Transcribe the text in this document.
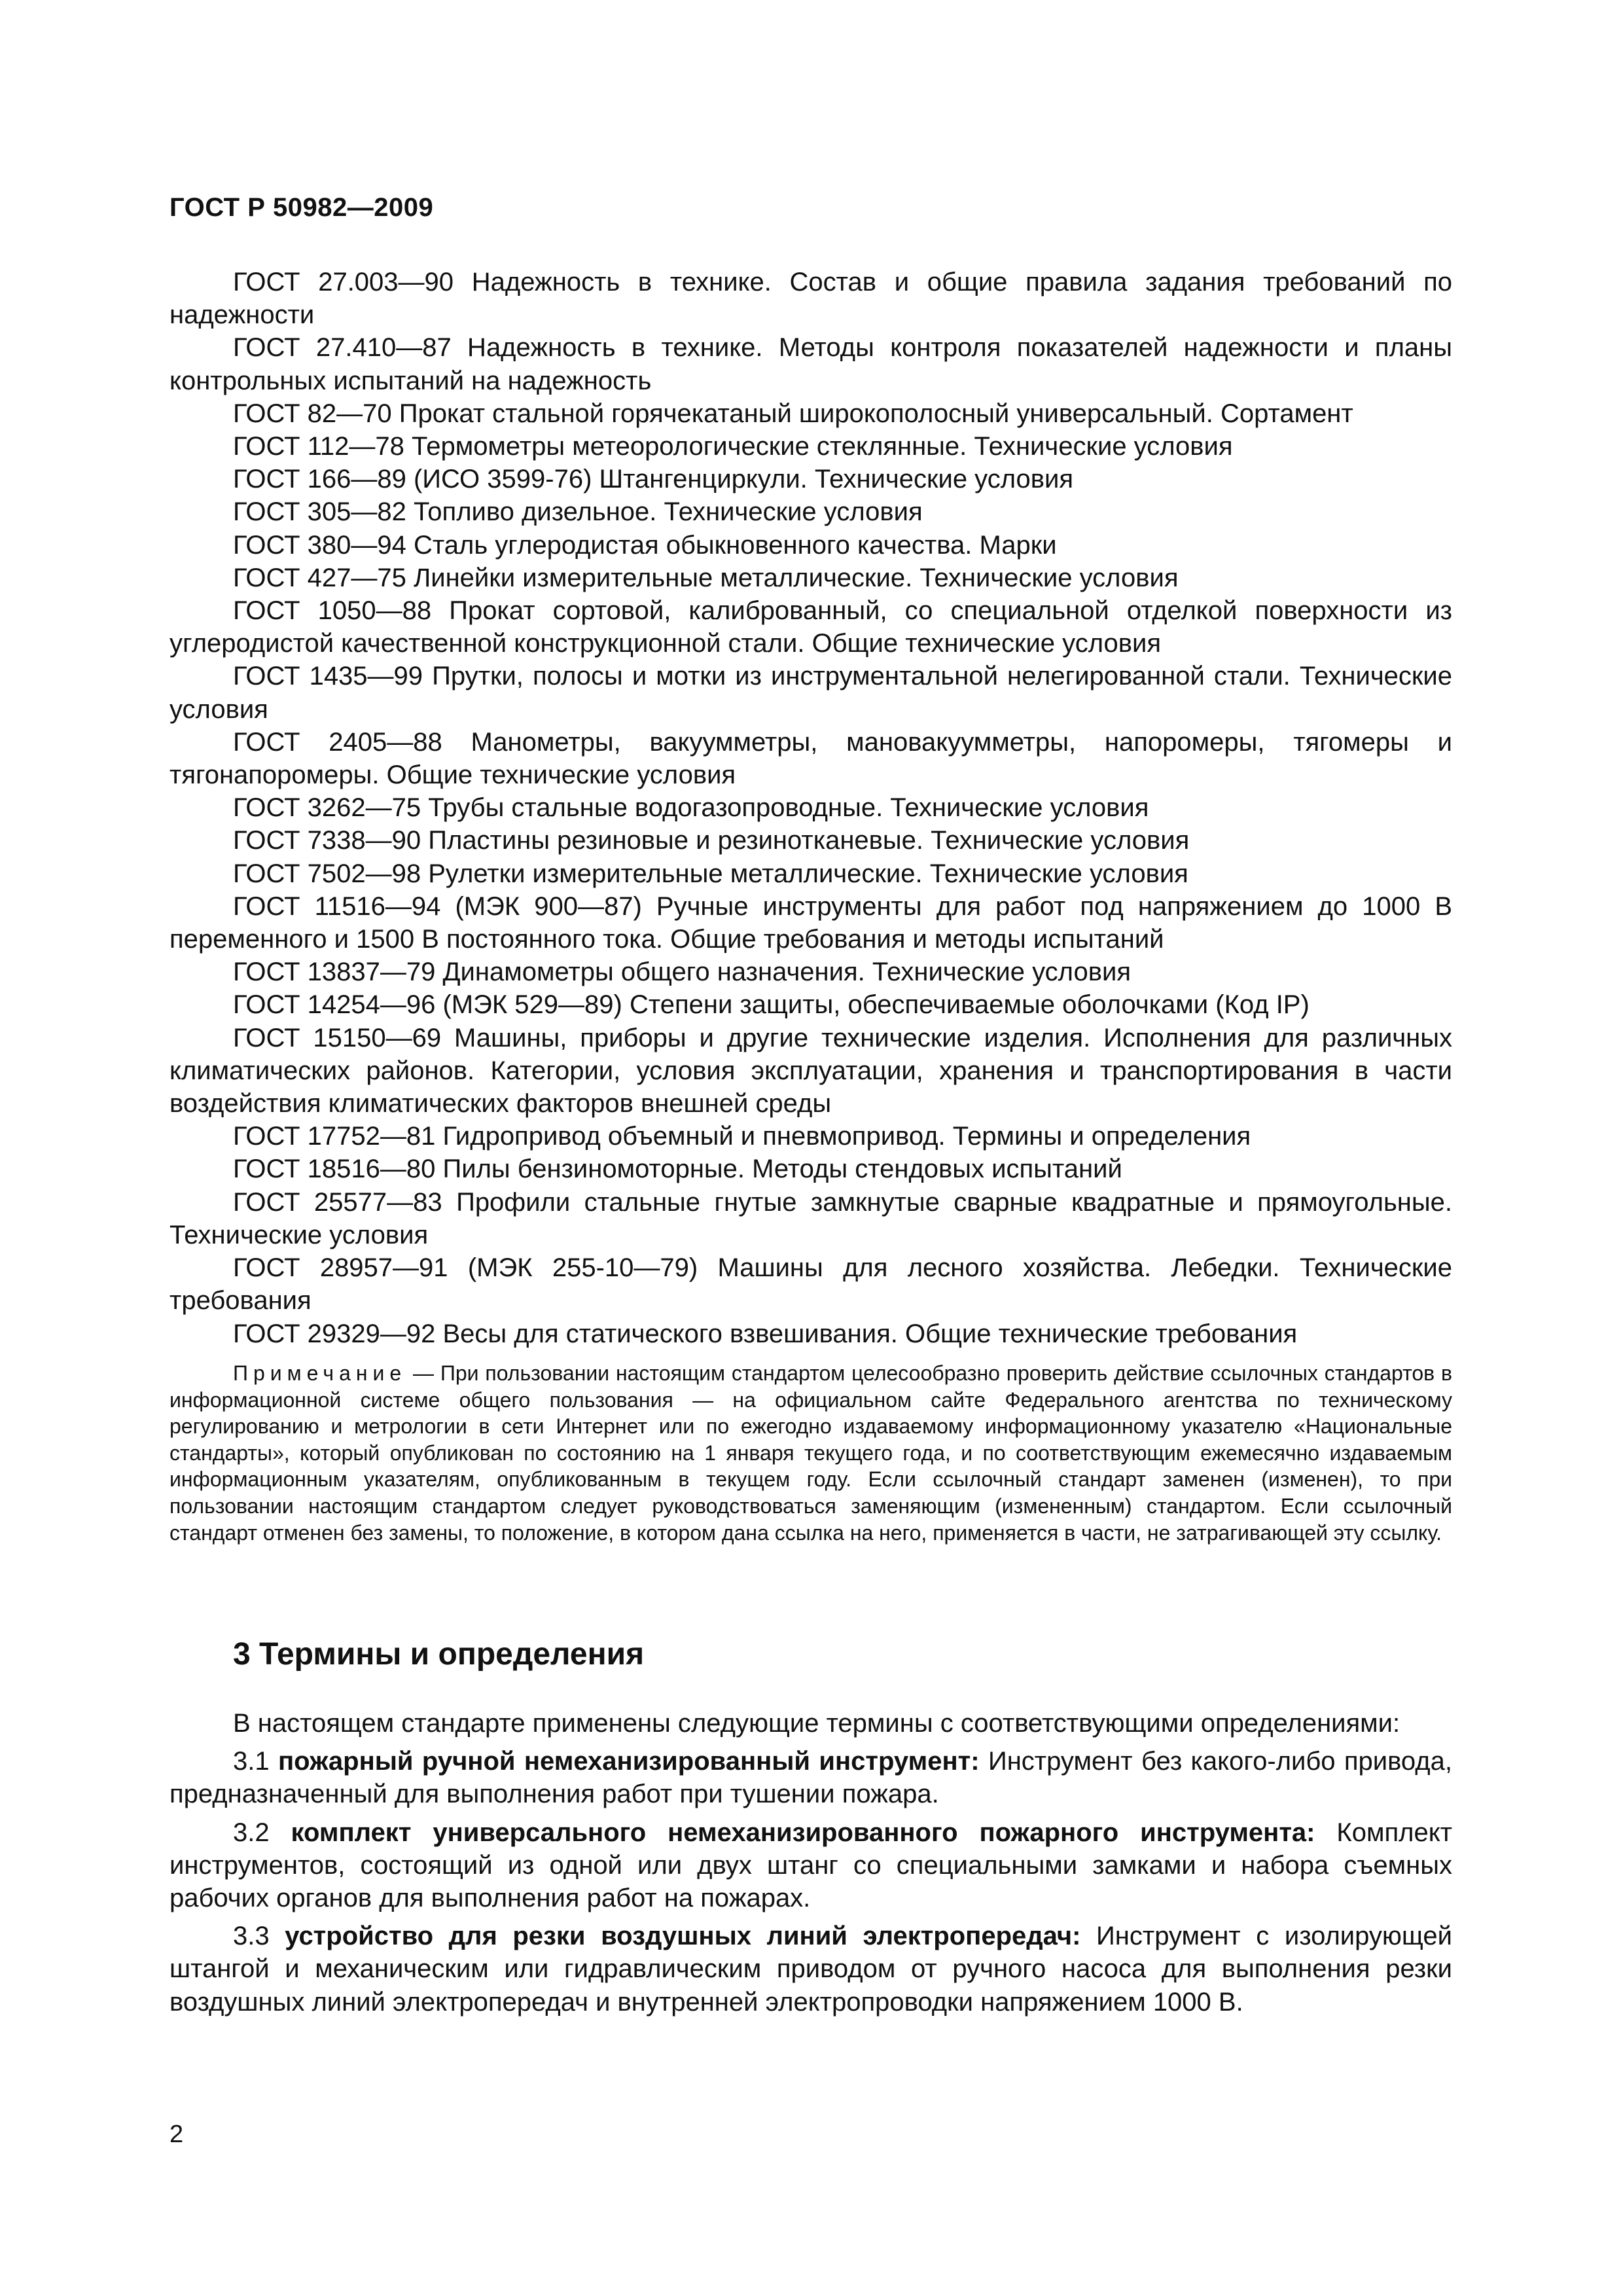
ГОСТ Р 50982—2009
ГОСТ 27.003—90 Надежность в технике. Состав и общие правила задания требований по надежности
ГОСТ 27.410—87 Надежность в технике. Методы контроля показателей надежности и планы контрольных испытаний на надежность
ГОСТ 82—70 Прокат стальной горячекатаный широкополосный универсальный. Сортамент
ГОСТ 112—78 Термометры метеорологические стеклянные. Технические условия
ГОСТ 166—89 (ИСО 3599-76) Штангенциркули. Технические условия
ГОСТ 305—82 Топливо дизельное. Технические условия
ГОСТ 380—94 Сталь углеродистая обыкновенного качества. Марки
ГОСТ 427—75 Линейки измерительные металлические. Технические условия
ГОСТ 1050—88 Прокат сортовой, калиброванный, со специальной отделкой поверхности из углеродистой качественной конструкционной стали. Общие технические условия
ГОСТ 1435—99 Прутки, полосы и мотки из инструментальной нелегированной стали. Технические условия
ГОСТ 2405—88 Манометры, вакуумметры, мановакуумметры, напоромеры, тягомеры и тягонапоромеры. Общие технические условия
ГОСТ 3262—75 Трубы стальные водогазопроводные. Технические условия
ГОСТ 7338—90 Пластины резиновые и резинотканевые. Технические условия
ГОСТ 7502—98 Рулетки измерительные металлические. Технические условия
ГОСТ 11516—94 (МЭК 900—87) Ручные инструменты для работ под напряжением до 1000 В переменного и 1500 В постоянного тока. Общие требования и методы испытаний
ГОСТ 13837—79 Динамометры общего назначения. Технические условия
ГОСТ 14254—96 (МЭК 529—89) Степени защиты, обеспечиваемые оболочками (Код IP)
ГОСТ 15150—69 Машины, приборы и другие технические изделия. Исполнения для различных климатических районов. Категории, условия эксплуатации, хранения и транспортирования в части воздействия климатических факторов внешней среды
ГОСТ 17752—81 Гидропривод объемный и пневмопривод. Термины и определения
ГОСТ 18516—80 Пилы бензиномоторные. Методы стендовых испытаний
ГОСТ 25577—83 Профили стальные гнутые замкнутые сварные квадратные и прямоугольные. Технические условия
ГОСТ 28957—91 (МЭК 255-10—79) Машины для лесного хозяйства. Лебедки. Технические требования
ГОСТ 29329—92 Весы для статического взвешивания. Общие технические требования

Примечание — При пользовании настоящим стандартом целесообразно проверить действие ссылочных стандартов в информационной системе общего пользования — на официальном сайте Федерального агентства по техническому регулированию и метрологии в сети Интернет или по ежегодно издаваемому информационному указателю «Национальные стандарты», который опубликован по состоянию на 1 января текущего года, и по соответствующим ежемесячно издаваемым информационным указателям, опубликованным в текущем году. Если ссылочный стандарт заменен (изменен), то при пользовании настоящим стандартом следует руководствоваться заменяющим (измененным) стандартом. Если ссылочный стандарт отменен без замены, то положение, в котором дана ссылка на него, применяется в части, не затрагивающей эту ссылку.

3 Термины и определения

В настоящем стандарте применены следующие термины с соответствующими определениями:

3.1 пожарный ручной немеханизированный инструмент: Инструмент без какого-либо привода, предназначенный для выполнения работ при тушении пожара.

3.2 комплект универсального немеханизированного пожарного инструмента: Комплект инструментов, состоящий из одной или двух штанг со специальными замками и набора съемных рабочих органов для выполнения работ на пожарах.

3.3 устройство для резки воздушных линий электропередач: Инструмент с изолирующей штангой и механическим или гидравлическим приводом от ручного насоса для выполнения резки воздушных линий электропередач и внутренней электропроводки напряжением 1000 В.

2
